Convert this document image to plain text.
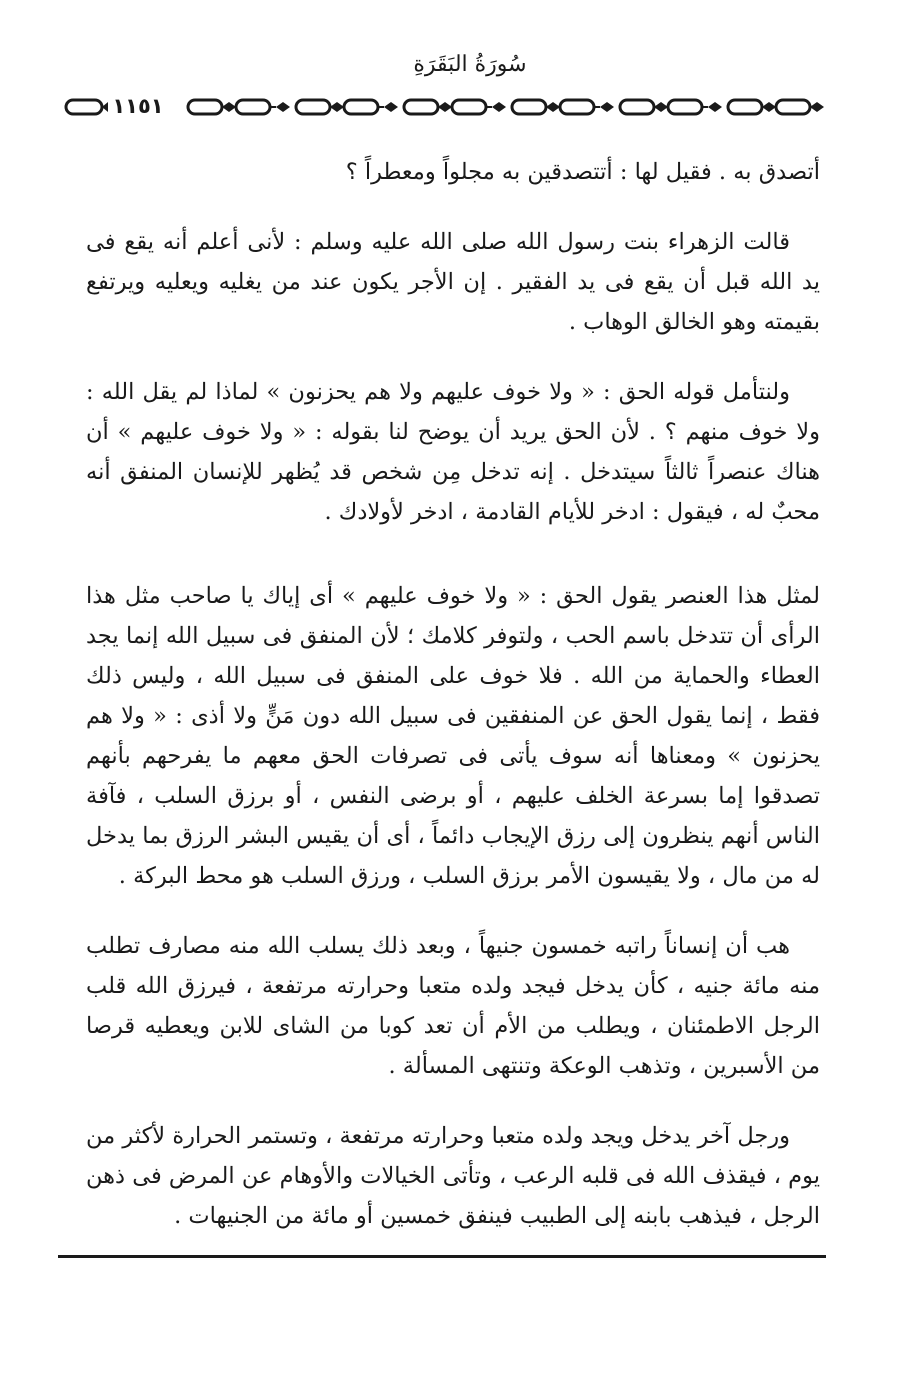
سُورَةُ البَقَرَةِ
١١٥١

أتصدق به . فقيل لها : أتتصدقين به مجلواً ومعطراً ؟

قالت الزهراء بنت رسول الله صلى الله عليه وسلم : لأنى أعلم أنه يقع فى يد الله قبل أن يقع فى يد الفقير . إن الأجر يكون عند من يغليه ويعليه ويرتفع بقيمته وهو الخالق الوهاب .

ولنتأمل قوله الحق : « ولا خوف عليهم ولا هم يحزنون » لماذا لم يقل الله : ولا خوف منهم ؟ . لأن الحق يريد أن يوضح لنا بقوله : « ولا خوف عليهم » أن هناك عنصراً ثالثاً سيتدخل . إنه تدخل مِن شخص قد يُظهر للإنسان المنفق أنه محبٌ له ، فيقول : ادخر للأيام القادمة ، ادخر لأولادك .

لمثل هذا العنصر يقول الحق : « ولا خوف عليهم » أى إياك يا صاحب مثل هذا الرأى أن تتدخل باسم الحب ، ولتوفر كلامك ؛ لأن المنفق فى سبيل الله إنما يجد العطاء والحماية من الله . فلا خوف على المنفق فى سبيل الله ، وليس ذلك فقط ، إنما يقول الحق عن المنفقين فى سبيل الله دون مَنٍّ ولا أذى : « ولا هم يحزنون » ومعناها أنه سوف يأتى فى تصرفات الحق معهم ما يفرحهم بأنهم تصدقوا إما بسرعة الخلف عليهم ، أو برضى النفس ، أو برزق السلب ، فآفة الناس أنهم ينظرون إلى رزق الإيجاب دائماً ، أى أن يقيس البشر الرزق بما يدخل له من مال ، ولا يقيسون الأمر برزق السلب ، ورزق السلب هو محط البركة .

هب أن إنساناً راتبه خمسون جنيهاً ، وبعد ذلك يسلب الله منه مصارف تطلب منه مائة جنيه ، كأن يدخل فيجد ولده متعبا وحرارته مرتفعة ، فيرزق الله قلب الرجل الاطمئنان ، ويطلب من الأم أن تعد كوبا من الشاى للابن ويعطيه قرصا من الأسبرين ، وتذهب الوعكة وتنتهى المسألة .

ورجل آخر يدخل ويجد ولده متعبا وحرارته مرتفعة ، وتستمر الحرارة لأكثر من يوم ، فيقذف الله فى قلبه الرعب ، وتأتى الخيالات والأوهام عن المرض فى ذهن الرجل ، فيذهب بابنه إلى الطبيب فينفق خمسين أو مائة من الجنيهات .
